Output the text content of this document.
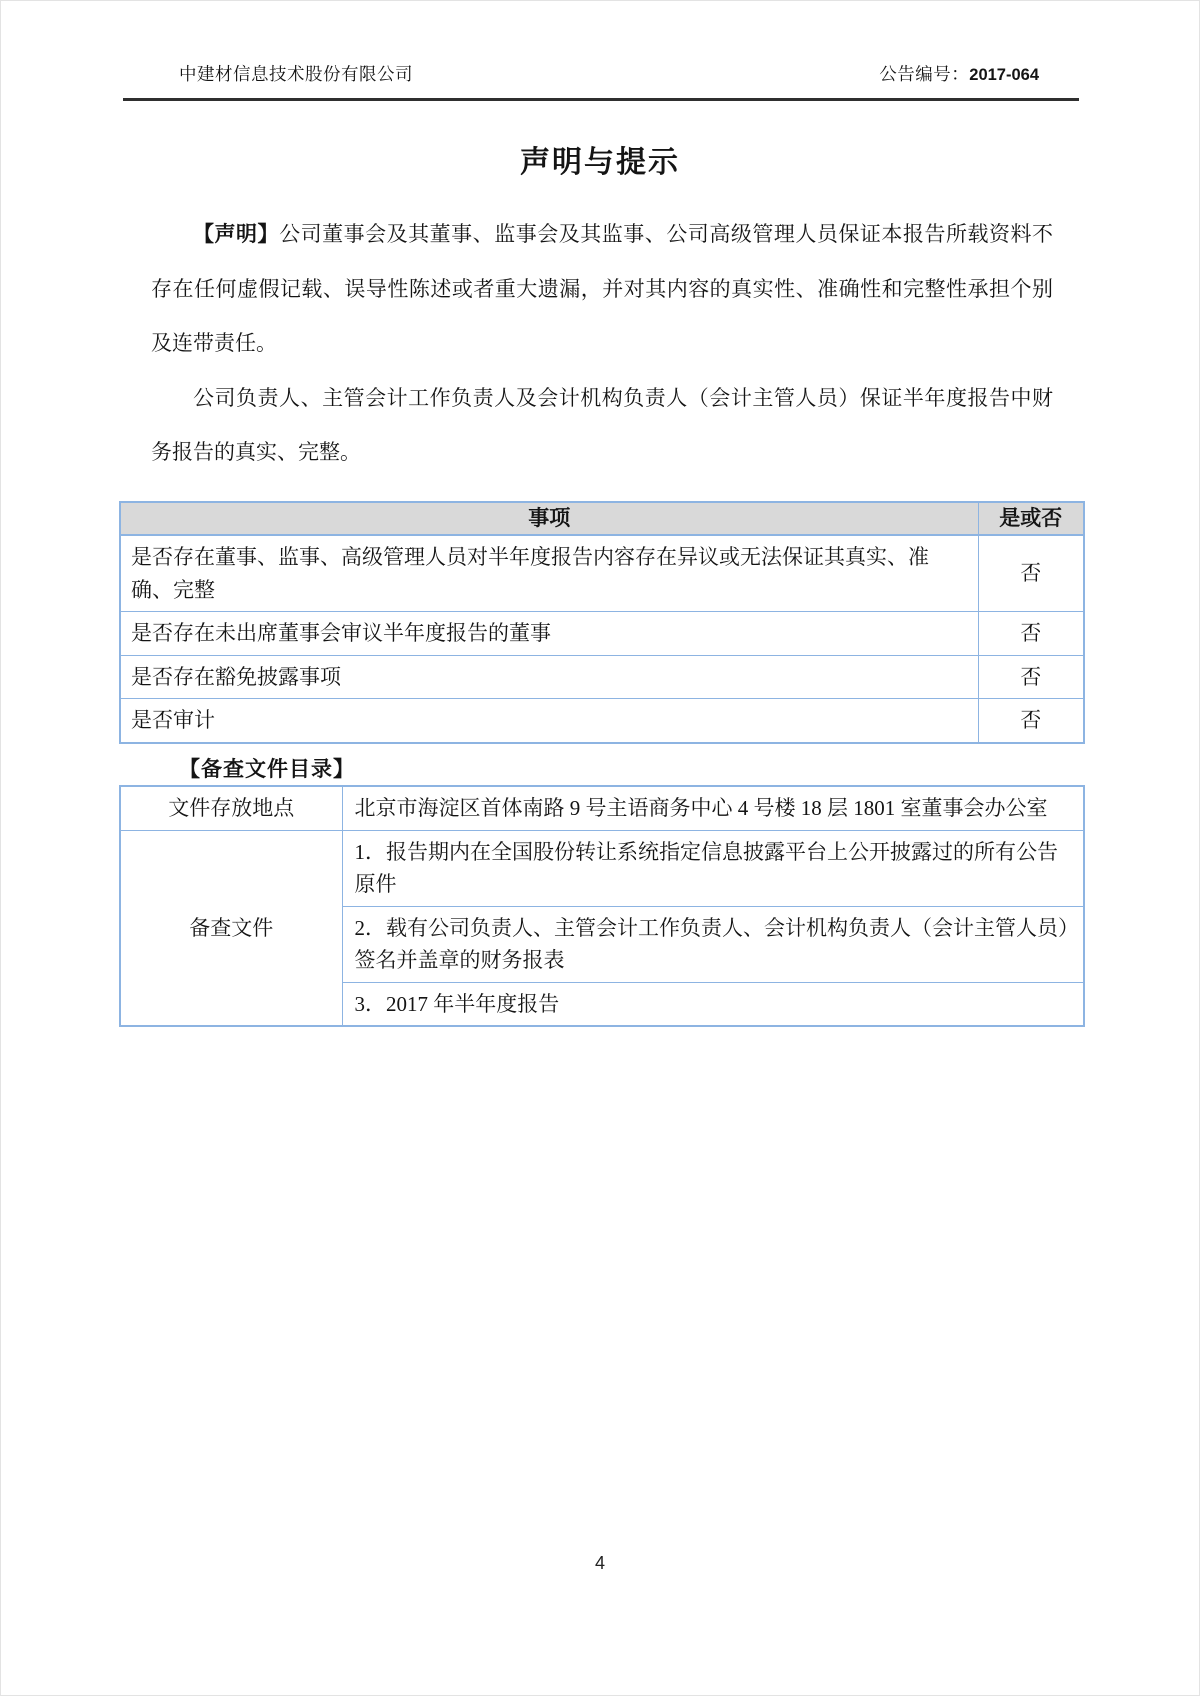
中建材信息技术股份有限公司	公告编号：2017-064
声明与提示

【声明】公司董事会及其董事、监事会及其监事、公司高级管理人员保证本报告所载资料不存在任何虚假记载、误导性陈述或者重大遗漏，并对其内容的真实性、准确性和完整性承担个别及连带责任。

公司负责人、主管会计工作负责人及会计机构负责人（会计主管人员）保证半年度报告中财务报告的真实、完整。

事项	是或否
是否存在董事、监事、高级管理人员对半年度报告内容存在异议或无法保证其真实、准确、完整	否
是否存在未出席董事会审议半年度报告的董事	否
是否存在豁免披露事项	否
是否审计	否
【备查文件目录】
文件存放地点	北京市海淀区首体南路 9 号主语商务中心 4 号楼 18 层 1801 室董事会办公室
备查文件	1．报告期内在全国股份转让系统指定信息披露平台上公开披露过的所有公告原件
	2．载有公司负责人、主管会计工作负责人、会计机构负责人（会计主管人员）签名并盖章的财务报表
	3．2017 年半年度报告
4
